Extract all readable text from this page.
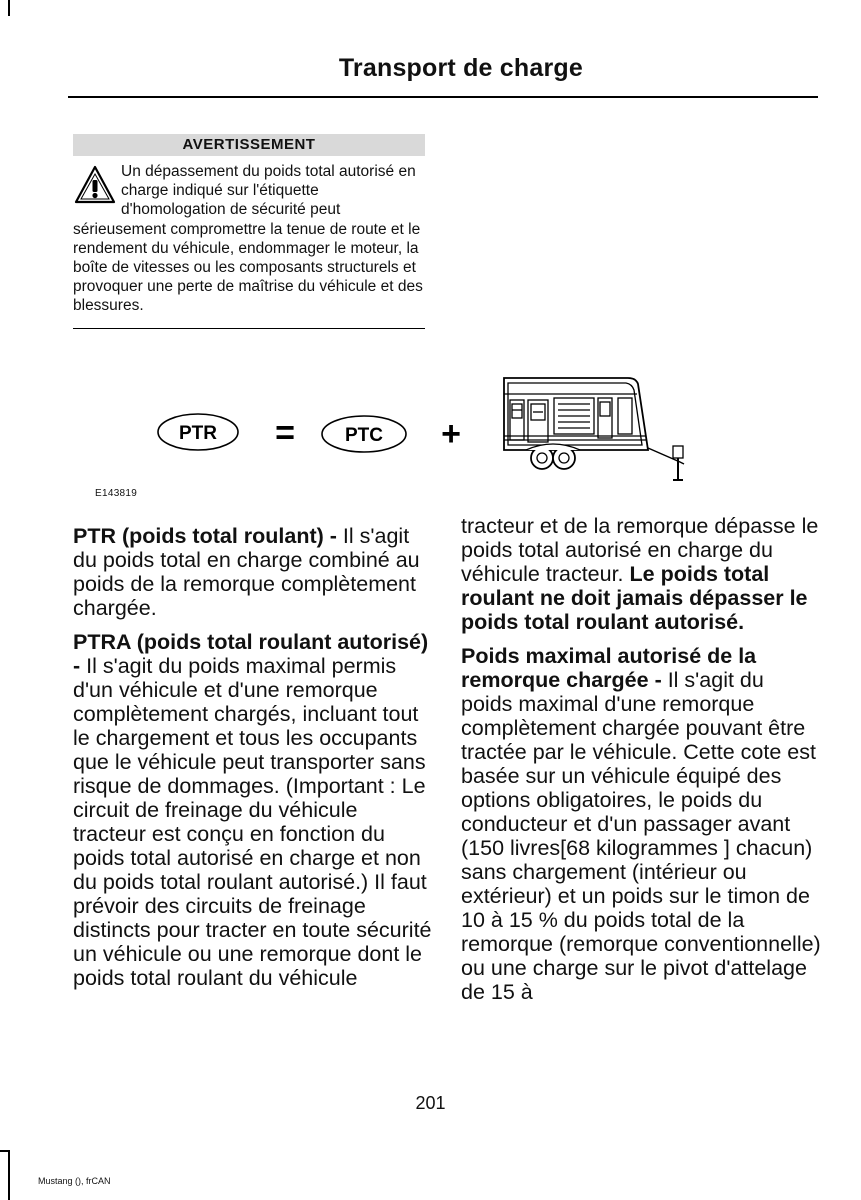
Transport de charge
AVERTISSEMENT
Un dépassement du poids total autorisé en charge indiqué sur l'étiquette d'homologation de sécurité peut sérieusement compromettre la tenue de route et le rendement du véhicule, endommager le moteur, la boîte de vitesses ou les composants structurels et provoquer une perte de maîtrise du véhicule et des blessures.
PTR =	PTC +
E143819

PTR (poids total roulant) - Il s'agit du poids total en charge combiné au poids de la remorque complètement chargée.

PTRA (poids total roulant autorisé) - Il s'agit du poids maximal permis d'un véhicule et d'une remorque complètement chargés, incluant tout le chargement et tous les occupants que le véhicule peut transporter sans risque de dommages. (Important : Le circuit de freinage du véhicule tracteur est conçu en fonction du poids total autorisé en charge et non du poids total roulant autorisé.) Il faut prévoir des circuits de freinage distincts pour tracter en toute sécurité un véhicule ou une remorque dont le poids total roulant du véhicule

tracteur et de la remorque dépasse le poids total autorisé en charge du véhicule tracteur. Le poids total roulant ne doit jamais dépasser le poids total roulant autorisé.

Poids maximal autorisé de la remorque chargée - Il s'agit du poids maximal d'une remorque complètement chargée pouvant être tractée par le véhicule. Cette cote est basée sur un véhicule équipé des options obligatoires, le poids du conducteur et d'un passager avant (150 livres[68 kilogrammes ] chacun) sans chargement (intérieur ou extérieur) et un poids sur le timon de 10 à 15 % du poids total de la remorque (remorque conventionnelle) ou une charge sur le pivot d'attelage de 15 à

201
Mustang (), frCAN
